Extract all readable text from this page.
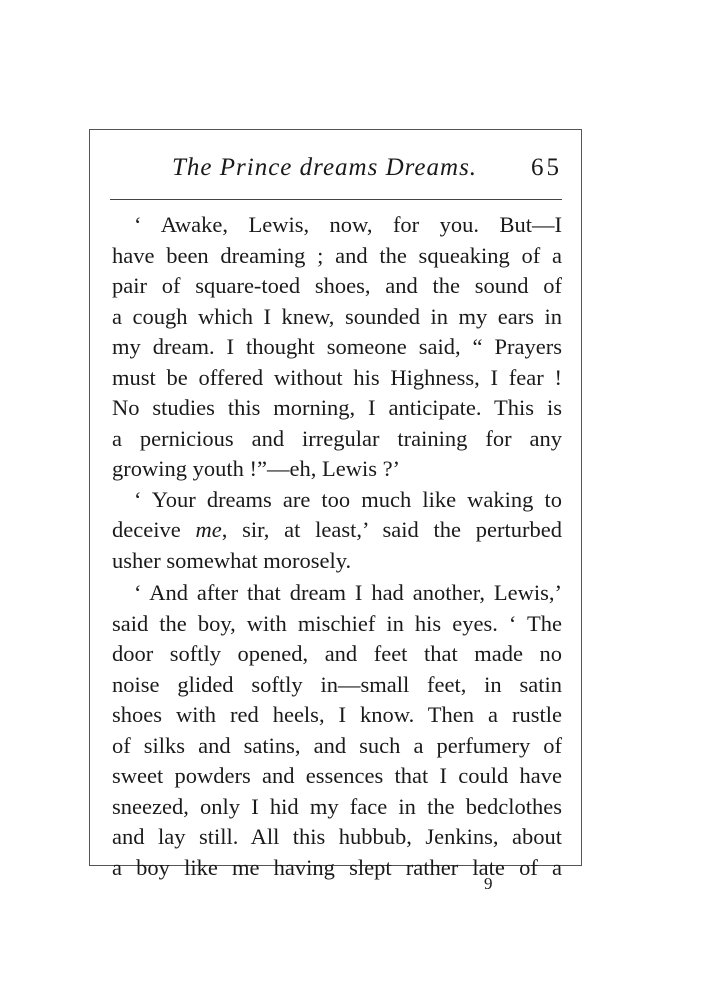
The Prince dreams Dreams. 65
‘ Awake, Lewis, now, for you. But—I
have been dreaming ; and the squeaking of a
pair of square-toed shoes, and the sound of
a cough which I knew, sounded in my ears in
my dream. I thought someone said, “ Prayers
must be offered without his Highness, I fear !
No studies this morning, I anticipate. This is
a pernicious and irregular training for any
growing youth !”—eh, Lewis ?’
‘ Your dreams are too much like waking to
deceive me, sir, at least,’ said the perturbed
usher somewhat morosely.
‘ And after that dream I had another, Lewis,’
said the boy, with mischief in his eyes. ‘ The
door softly opened, and feet that made no
noise glided softly in—small feet, in satin
shoes with red heels, I know. Then a rustle
of silks and satins, and such a perfumery of
sweet powders and essences that I could have
sneezed, only I hid my face in the bedclothes
and lay still. All this hubbub, Jenkins, about
a boy like me having slept rather late of a
9
